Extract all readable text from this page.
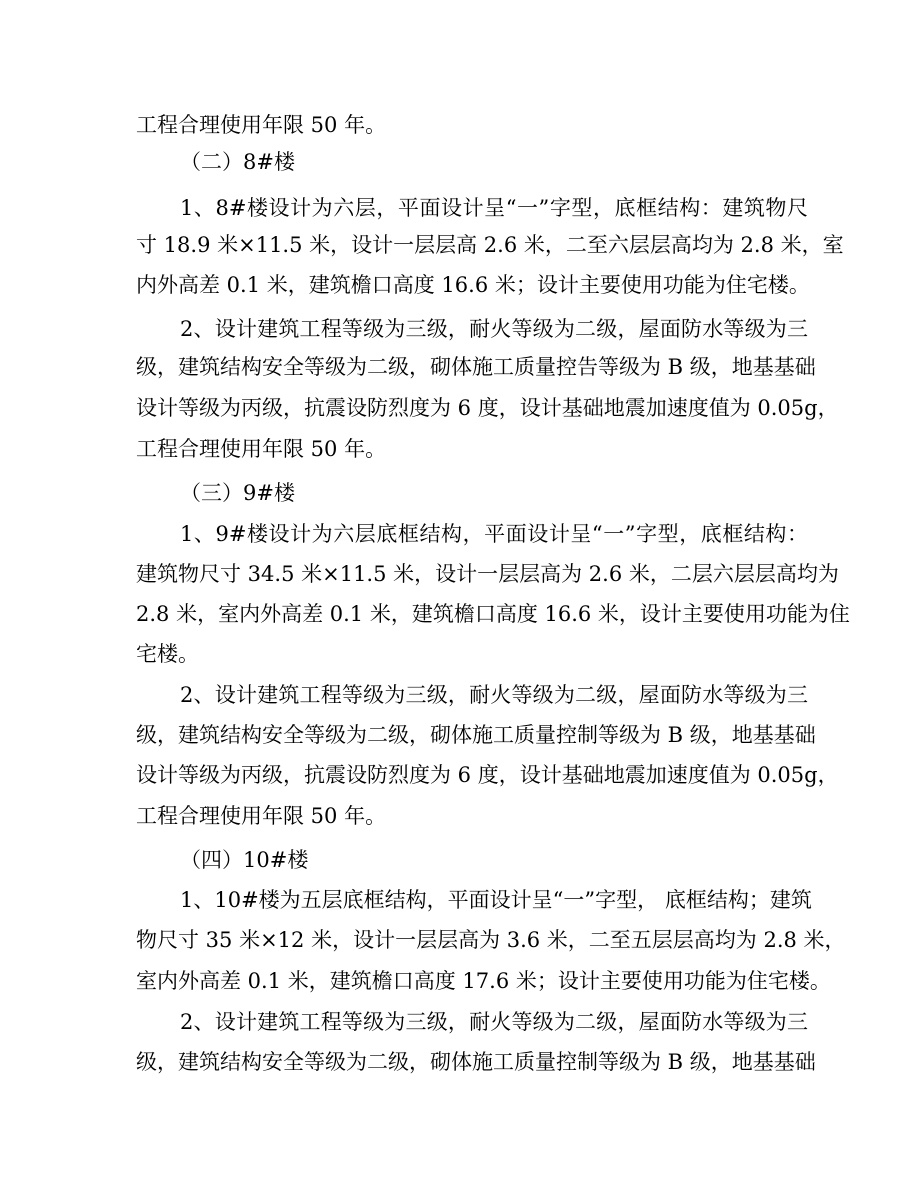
工程合理使用年限 50 年。
（二）8#楼
1、8#楼设计为六层，平面设计呈“一”字型，底框结构：建筑物尺
寸 18.9 米×11.5 米，设计一层层高 2.6 米，二至六层层高均为 2.8 米，室
内外高差 0.1 米，建筑檐口高度 16.6 米；设计主要使用功能为住宅楼。
2、设计建筑工程等级为三级，耐火等级为二级，屋面防水等级为三
级，建筑结构安全等级为二级，砌体施工质量控告等级为 B 级，地基基础
设计等级为丙级，抗震设防烈度为 6 度，设计基础地震加速度值为 0.05g，
工程合理使用年限 50 年。
（三）9#楼
1、9#楼设计为六层底框结构，平面设计呈“一”字型，底框结构：
建筑物尺寸 34.5 米×11.5 米，设计一层层高为 2.6 米，二层六层层高均为
2.8 米，室内外高差 0.1 米，建筑檐口高度 16.6 米，设计主要使用功能为住
宅楼。
2、设计建筑工程等级为三级，耐火等级为二级，屋面防水等级为三
级，建筑结构安全等级为二级，砌体施工质量控制等级为 B 级，地基基础
设计等级为丙级，抗震设防烈度为 6 度，设计基础地震加速度值为 0.05g，
工程合理使用年限 50 年。
（四）10#楼
1、10#楼为五层底框结构，平面设计呈“一”字型， 底框结构；建筑
物尺寸 35 米×12 米，设计一层层高为 3.6 米，二至五层层高均为 2.8 米，
室内外高差 0.1 米，建筑檐口高度 17.6 米；设计主要使用功能为住宅楼。
2、设计建筑工程等级为三级，耐火等级为二级，屋面防水等级为三
级，建筑结构安全等级为二级，砌体施工质量控制等级为 B 级，地基基础
